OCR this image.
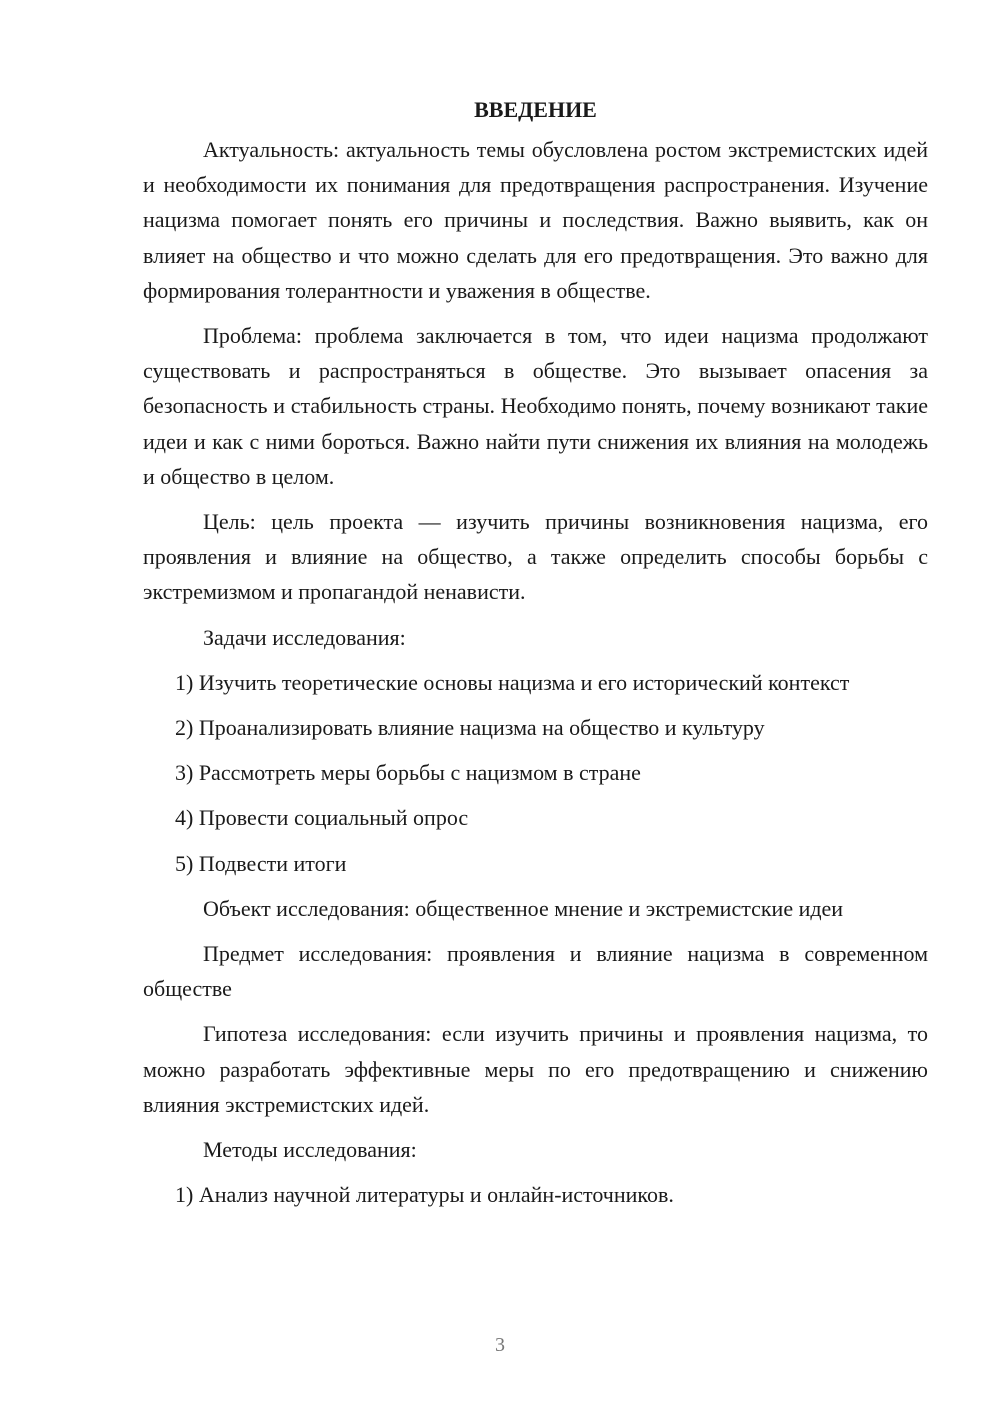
ВВЕДЕНИЕ

Актуальность: актуальность темы обусловлена ростом экстремистских идей и необходимости их понимания для предотвращения распространения. Изучение нацизма помогает понять его причины и последствия. Важно выявить, как он влияет на общество и что можно сделать для его предотвращения. Это важно для формирования толерантности и уважения в обществе.

Проблема: проблема заключается в том, что идеи нацизма продолжают существовать и распространяться в обществе. Это вызывает опасения за безопасность и стабильность страны. Необходимо понять, почему возникают такие идеи и как с ними бороться. Важно найти пути снижения их влияния на молодежь и общество в целом.

Цель: цель проекта — изучить причины возникновения нацизма, его проявления и влияние на общество, а также определить способы борьбы с экстремизмом и пропагандой ненависти.

Задачи исследования:

1) Изучить теоретические основы нацизма и его исторический контекст

2) Проанализировать влияние нацизма на общество и культуру

3) Рассмотреть меры борьбы с нацизмом в стране

4) Провести социальный опрос

5) Подвести итоги

Объект исследования: общественное мнение и экстремистские идеи

Предмет исследования: проявления и влияние нацизма в современном обществе

Гипотеза исследования: если изучить причины и проявления нацизма, то можно разработать эффективные меры по его предотвращению и снижению влияния экстремистских идей.

Методы исследования:

1) Анализ научной литературы и онлайн-источников.

3
